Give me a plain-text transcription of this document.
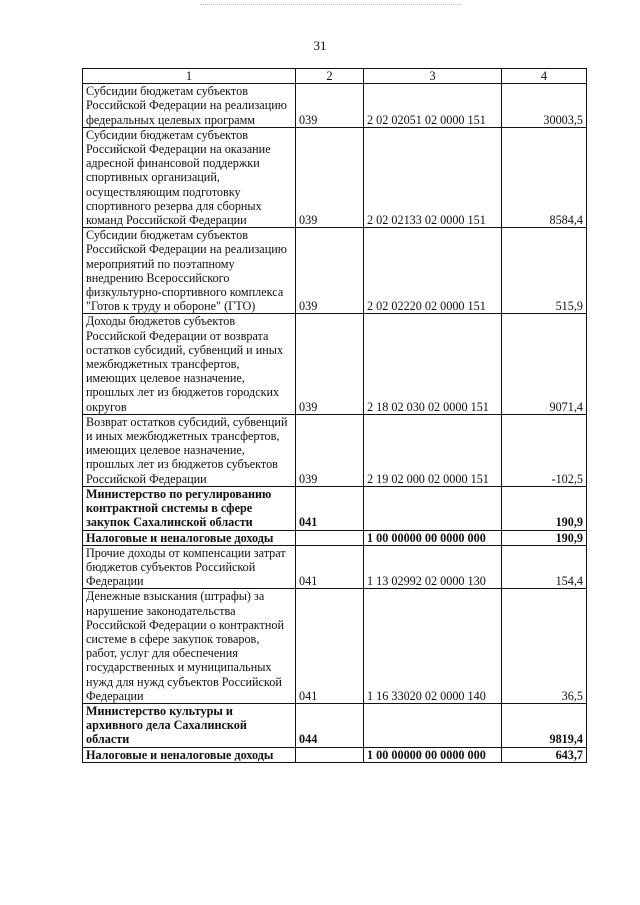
31
1	2	3	4
Субсидии бюджетам субъектов Российской Федерации на реализацию федеральных целевых программ	039	2 02 02051 02 0000 151	30003,5
Субсидии бюджетам субъектов Российской Федерации на оказание адресной финансовой поддержки спортивных организаций, осуществляющим подготовку спортивного резерва для сборных команд Российской Федерации	039	2 02 02133 02 0000 151	8584,4
Субсидии бюджетам субъектов Российской Федерации на реализацию мероприятий по поэтапному внедрению Всероссийского физкультурно-спортивного комплекса "Готов к труду и обороне" (ГТО)	039	2 02 02220 02 0000 151	515,9
Доходы бюджетов субъектов Российской Федерации от возврата остатков субсидий, субвенций и иных межбюджетных трансфертов, имеющих целевое назначение, прошлых лет из бюджетов городских округов	039	2 18 02 030 02 0000 151	9071,4
Возврат остатков субсидий, субвенций и иных межбюджетных трансфертов, имеющих целевое назначение, прошлых лет из бюджетов субъектов Российской Федерации	039	2 19 02 000 02 0000 151	-102,5
Министерство по регулированию контрактной системы в сфере закупок Сахалинской области	041		190,9
Налоговые и неналоговые доходы		1 00 00000 00 0000 000	190,9
Прочие доходы от компенсации затрат бюджетов субъектов Российской Федерации	041	1 13 02992 02 0000 130	154,4
Денежные взыскания (штрафы) за нарушение законодательства Российской Федерации о контрактной системе в сфере закупок товаров, работ, услуг для обеспечения государственных и муниципальных нужд для нужд субъектов Российской Федерации	041	1 16 33020 02 0000 140	36,5
Министерство культуры и архивного дела Сахалинской области	044		9819,4
Налоговые и неналоговые доходы		1 00 00000 00 0000 000	643,7
